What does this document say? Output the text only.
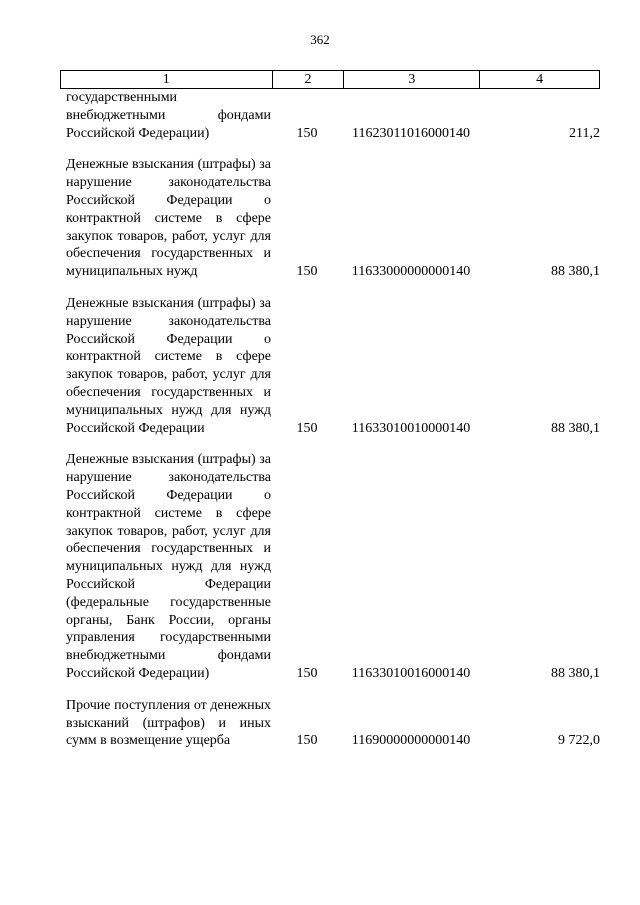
362
1	2	3	4
государственными внебюджетными фондами Российской Федерации)	150	11623011016000140	211,2
Денежные взыскания (штрафы) за нарушение законодательства Российской Федерации о контрактной системе в сфере закупок товаров, работ, услуг для обеспечения государственных и муниципальных нужд	150	11633000000000140	88 380,1
Денежные взыскания (штрафы) за нарушение законодательства Российской Федерации о контрактной системе в сфере закупок товаров, работ, услуг для обеспечения государственных и муниципальных нужд для нужд Российской Федерации	150	11633010010000140	88 380,1
Денежные взыскания (штрафы) за нарушение законодательства Российской Федерации о контрактной системе в сфере закупок товаров, работ, услуг для обеспечения государственных и муниципальных нужд для нужд Российской Федерации (федеральные государственные органы, Банк России, органы управления государственными внебюджетными фондами Российской Федерации)	150	11633010016000140	88 380,1
Прочие поступления от денежных взысканий (штрафов) и иных сумм в возмещение ущерба	150	11690000000000140	9 722,0
